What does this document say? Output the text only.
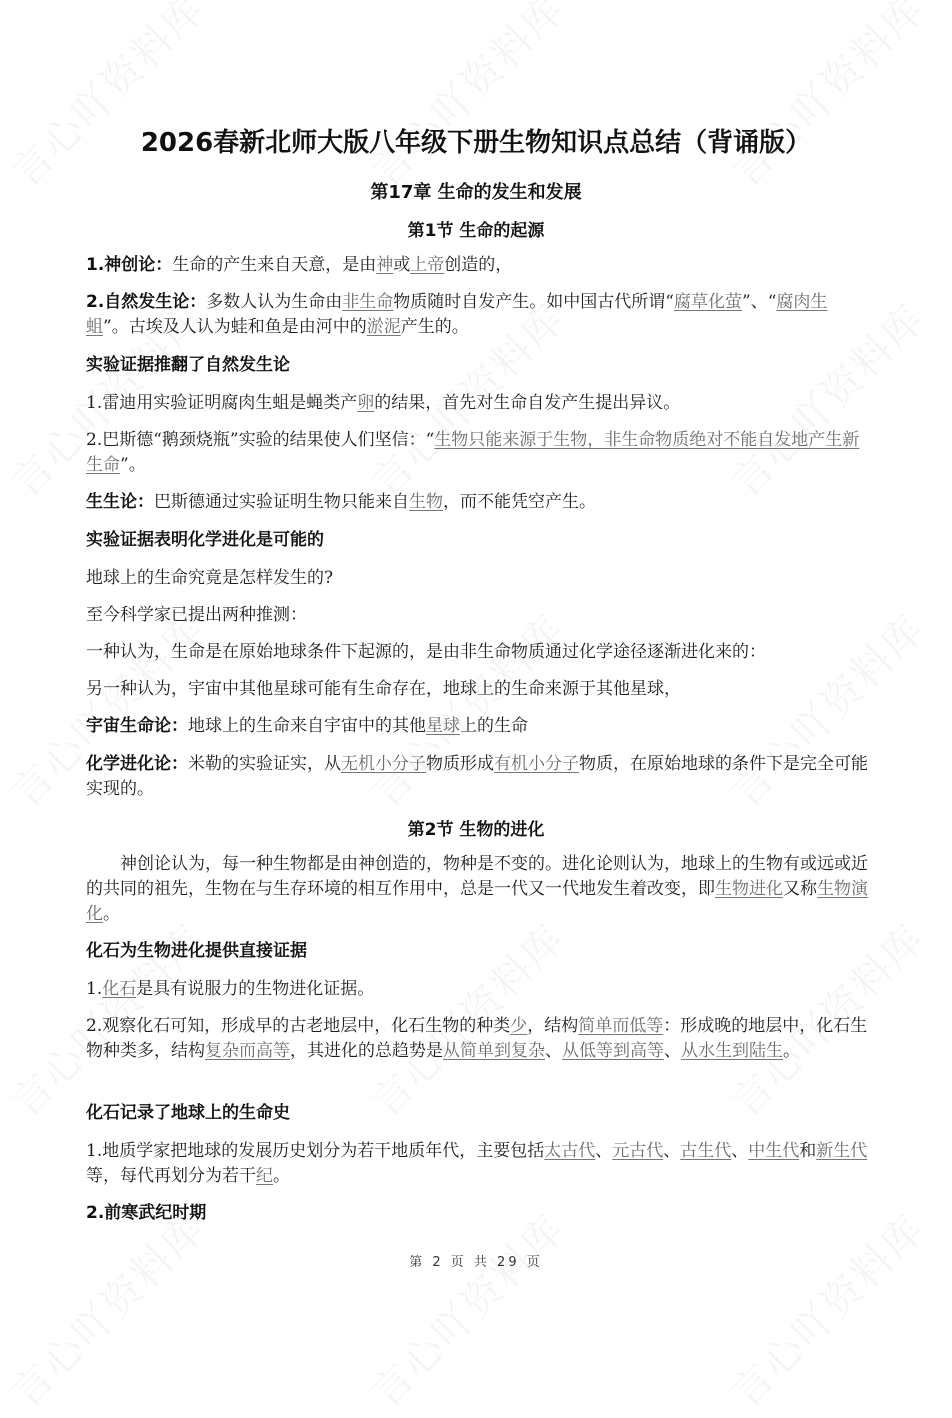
2026春新北师大版八年级下册生物知识点总结（背诵版）
第17章 生命的发生和发展
第1节 生命的起源
1.神创论：生命的产生来自天意，是由神或上帝创造的，
2.自然发生论：多数人认为生命由非生命物质随时自发产生。如中国古代所谓“腐草化萤”、“腐肉生蛆”。古埃及人认为蛙和鱼是由河中的淤泥产生的。
实验证据推翻了自然发生论
1.雷迪用实验证明腐肉生蛆是蝇类产卵的结果，首先对生命自发产生提出异议。
2.巴斯德“鹅颈烧瓶”实验的结果使人们坚信：“生物只能来源于生物，非生命物质绝对不能自发地产生新生命”。
生生论：巴斯德通过实验证明生物只能来自生物，而不能凭空产生。
实验证据表明化学进化是可能的
地球上的生命究竟是怎样发生的?
至今科学家已提出两种推测：
一种认为，生命是在原始地球条件下起源的，是由非生命物质通过化学途径逐渐进化来的：
另一种认为，宇宙中其他星球可能有生命存在，地球上的生命来源于其他星球，
宇宙生命论：地球上的生命来自宇宙中的其他星球上的生命
化学进化论：米勒的实验证实，从无机小分子物质形成有机小分子物质，在原始地球的条件下是完全可能实现的。
第2节 生物的进化
神创论认为，每一种生物都是由神创造的，物种是不变的。进化论则认为，地球上的生物有或远或近的共同的祖先，生物在与生存环境的相互作用中，总是一代又一代地发生着改变，即生物进化又称生物演化。
化石为生物进化提供直接证据
1.化石是具有说服力的生物进化证据。
2.观察化石可知，形成早的古老地层中，化石生物的种类少，结构简单而低等：形成晚的地层中，化石生物种类多，结构复杂而高等，其进化的总趋势是从简单到复杂、从低等到高等、从水生到陆生。
化石记录了地球上的生命史
1.地质学家把地球的发展历史划分为若干地质年代，主要包括太古代、元古代、古生代、中生代和新生代等，每代再划分为若干纪。
2.前寒武纪时期
第 2 页 共 29 页
